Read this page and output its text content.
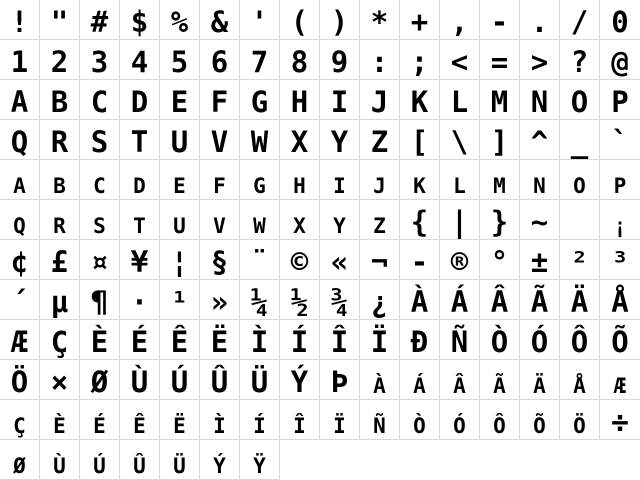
! " # $ % & ' ( ) * + , - . / 0
1 2 3 4 5 6 7 8 9 : ; < = > ? @
A B C D E F G H I J K L M N O P
Q R S T U V W X Y Z [ \ ] ^ _ `
A B C D E F G H I J K L M N O P
Q R S T U V W X Y Z { | } ~	¡
¢ £ ¤ ¥ ¦ § ¨ © « ¬ - ® ° ± ² ³
´ µ ¶ · ¹ » ¼ ½ ¾ ¿ À Á Â Ã Ä Å
Æ Ç È É Ê Ë Ì Í Î Ï Ð Ñ Ò Ó Ô Õ
Ö × Ø Ù Ú Û Ü Ý Þ À Á Â Ã Ä Å Æ
Ç È É Ê Ë Ì Í Î Ï Ñ Ò Ó Ô Õ Ö ÷
Ø Ù Ú Û Ü Ý Ÿ
